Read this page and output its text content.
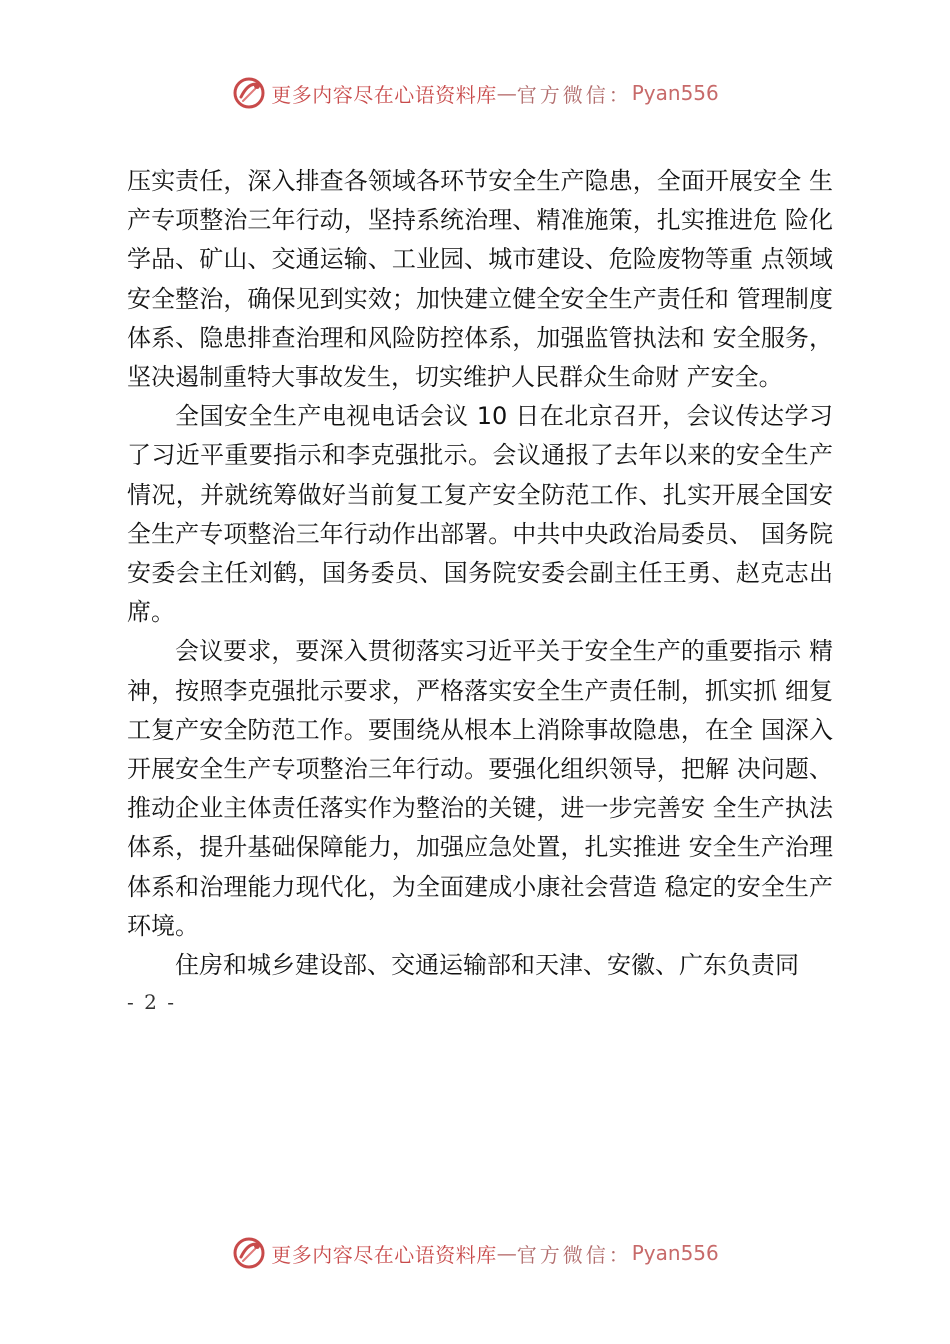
更多内容尽在心语资料库 — 官方微信： Pyan556

压实责任，深入排查各领域各环节安全生产隐患，全面开展安全 生产专项整治三年行动，坚持系统治理、精准施策，扎实推进危 险化学品、矿山、交通运输、工业园、城市建设、危险废物等重 点领域安全整治，确保见到实效；加快建立健全安全生产责任和 管理制度体系、隐患排查治理和风险防控体系，加强监管执法和 安全服务，坚决遏制重特大事故发生，切实维护人民群众生命财 产安全。

全国安全生产电视电话会议 10 日在北京召开，会议传达学习了习近平重要指示和李克强批示。会议通报了去年以来的安全生产情况，并就统筹做好当前复工复产安全防范工作、扎实开展全国安全生产专项整治三年行动作出部署。中共中央政治局委员、 国务院安委会主任刘鹤，国务委员、国务院安委会副主任王勇、赵克志出席。

会议要求，要深入贯彻落实习近平关于安全生产的重要指示 精神，按照李克强批示要求，严格落实安全生产责任制，抓实抓 细复工复产安全防范工作。要围绕从根本上消除事故隐患，在全 国深入开展安全生产专项整治三年行动。要强化组织领导，把解 决问题、推动企业主体责任落实作为整治的关键，进一步完善安 全生产执法体系，提升基础保障能力，加强应急处置，扎实推进 安全生产治理体系和治理能力现代化，为全面建成小康社会营造 稳定的安全生产环境。

住房和城乡建设部、交通运输部和天津、安徽、广东负责同

- 2 -
更多内容尽在心语资料库 — 官方微信： Pyan556
